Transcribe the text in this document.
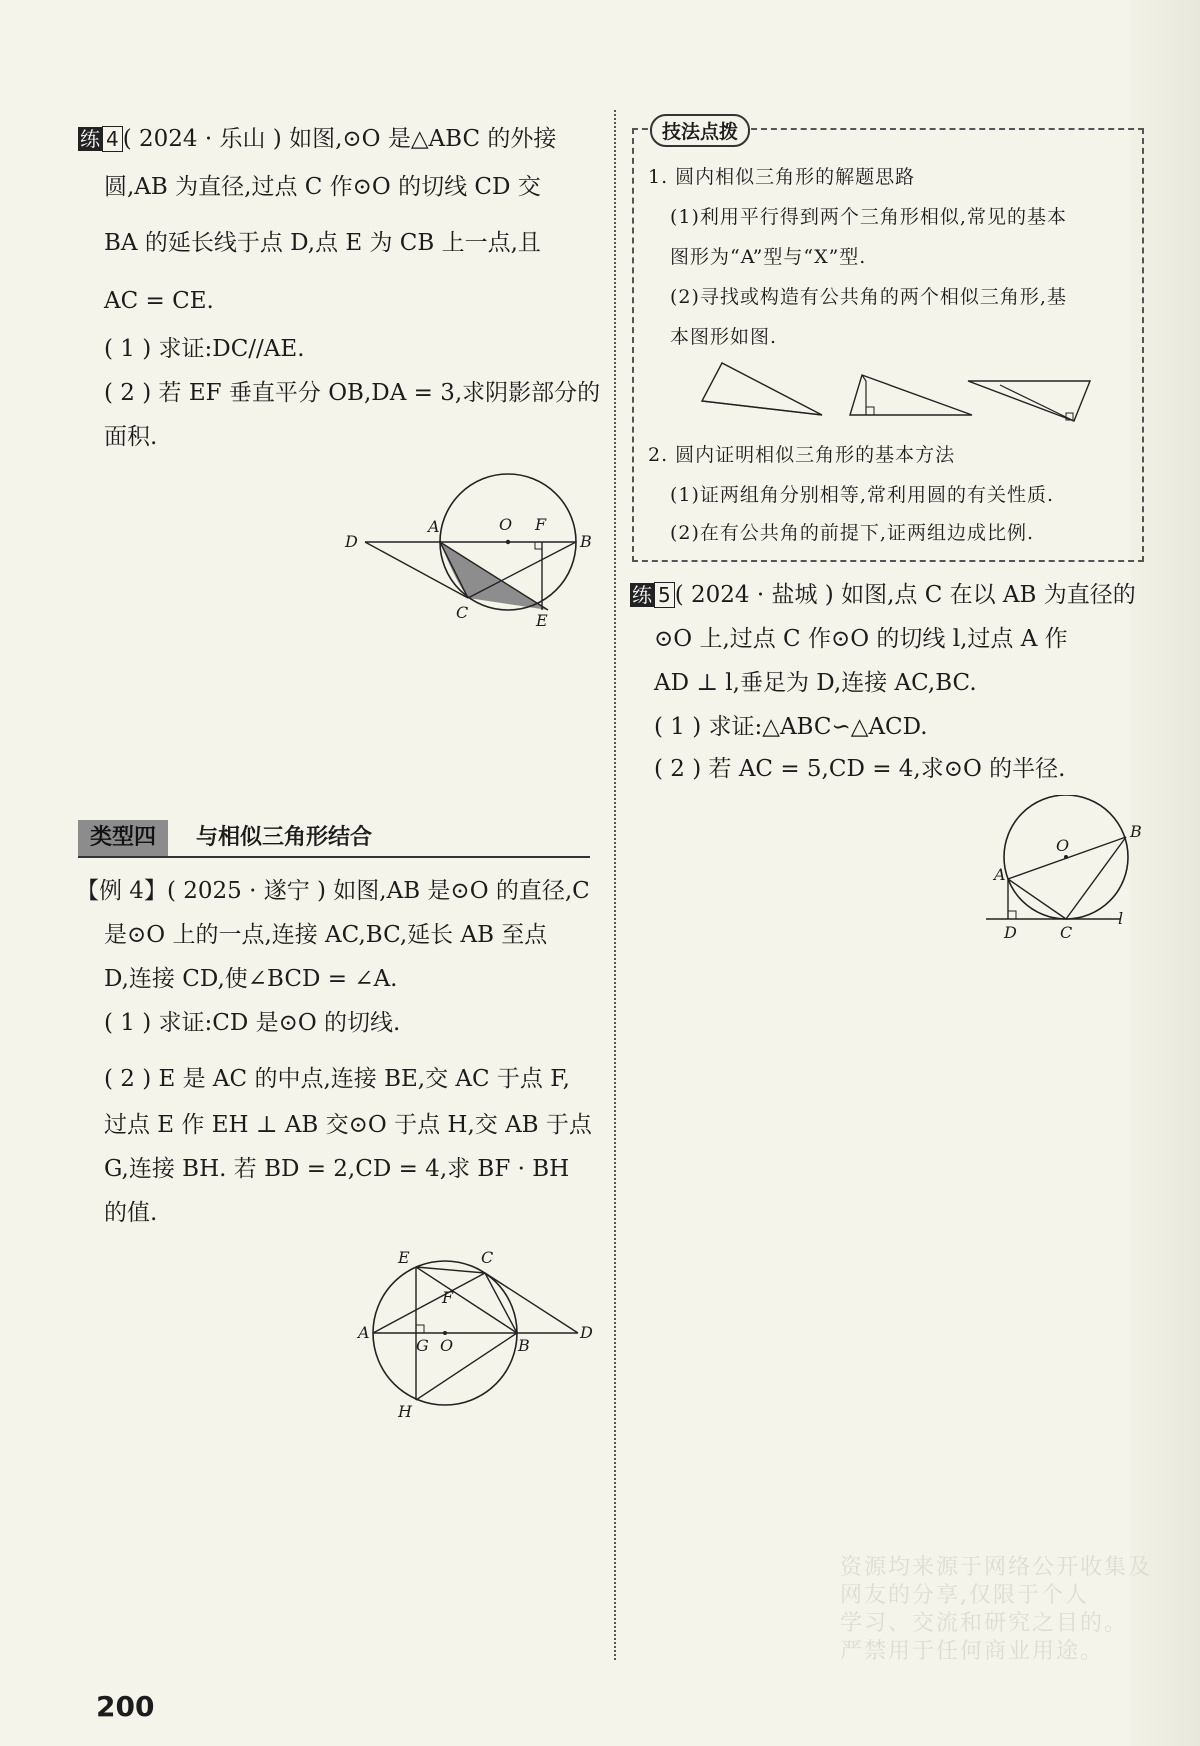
练 4 ( 2024 · 乐山 ) 如图,⊙O 是△ABC 的外接
圆,AB 为直径,过点 C 作⊙O 的切线 CD 交
BA 的延长线于点 D,点 E 为 CB 上一点,且
AC = CE.
( 1 ) 求证:DC//AE.
( 2 ) 若 EF 垂直平分 OB,DA = 3,求阴影部分的
面积.
D
A	O F
B
C	E
技法点拨
1. 圆内相似三角形的解题思路
(1)利用平行得到两个三角形相似,常见的基本
图形为“A”型与“X”型.
(2)寻找或构造有公共角的两个相似三角形,基
本图形如图.
2. 圆内证明相似三角形的基本方法
(1)证两组角分别相等,常利用圆的有关性质.
(2)在有公共角的前提下,证两组边成比例.
练 5 ( 2024 · 盐城 ) 如图,点 C 在以 AB 为直径的
⊙O 上,过点 C 作⊙O 的切线 l,过点 A 作
AD ⊥ l,垂足为 D,连接 AC,BC.
( 1 ) 求证:△ABC∽△ACD.
( 2 ) 若 AC = 5,CD = 4,求⊙O 的半径.
A
O
B
D	C
l
类型四	与相似三角形结合
【例 4】( 2025 · 遂宁 ) 如图,AB 是⊙O 的直径,C
是⊙O 上的一点,连接 AC,BC,延长 AB 至点
D,连接 CD,使∠BCD = ∠A.
( 1 ) 求证:CD 是⊙O 的切线.
( 2 ) E 是 AC 的中点,连接 BE,交 AC 于点 F,
过点 E 作 EH ⊥ AB 交⊙O 于点 H,交 AB 于点
G,连接 BH. 若 BD = 2,CD = 4,求 BF · BH
的值.
E	C
F
A
G O	B
D
H
资源均来源于网络公开收集及
网友的分享,仅限于个人
学习、交流和研究之目的。
严禁用于任何商业用途。
200
